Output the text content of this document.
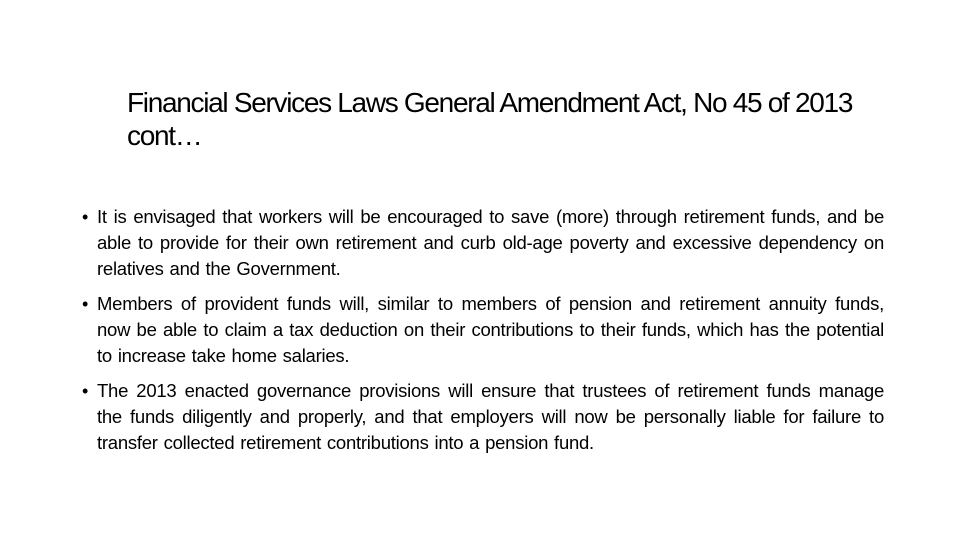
Financial Services Laws General Amendment Act, No 45 of 2013 cont…
• It is envisaged that workers will be encouraged to save (more) through retirement funds, and be able to provide for their own retirement and curb old-age poverty and excessive dependency on relatives and the Government.
• Members of provident funds will, similar to members of pension and retirement annuity funds, now be able to claim a tax deduction on their contributions to their funds, which has the potential to increase take home salaries.
• The 2013 enacted governance provisions will ensure that trustees of retirement funds manage the funds diligently and properly, and that employers will now be personally liable for failure to transfer collected retirement contributions into a pension fund.
